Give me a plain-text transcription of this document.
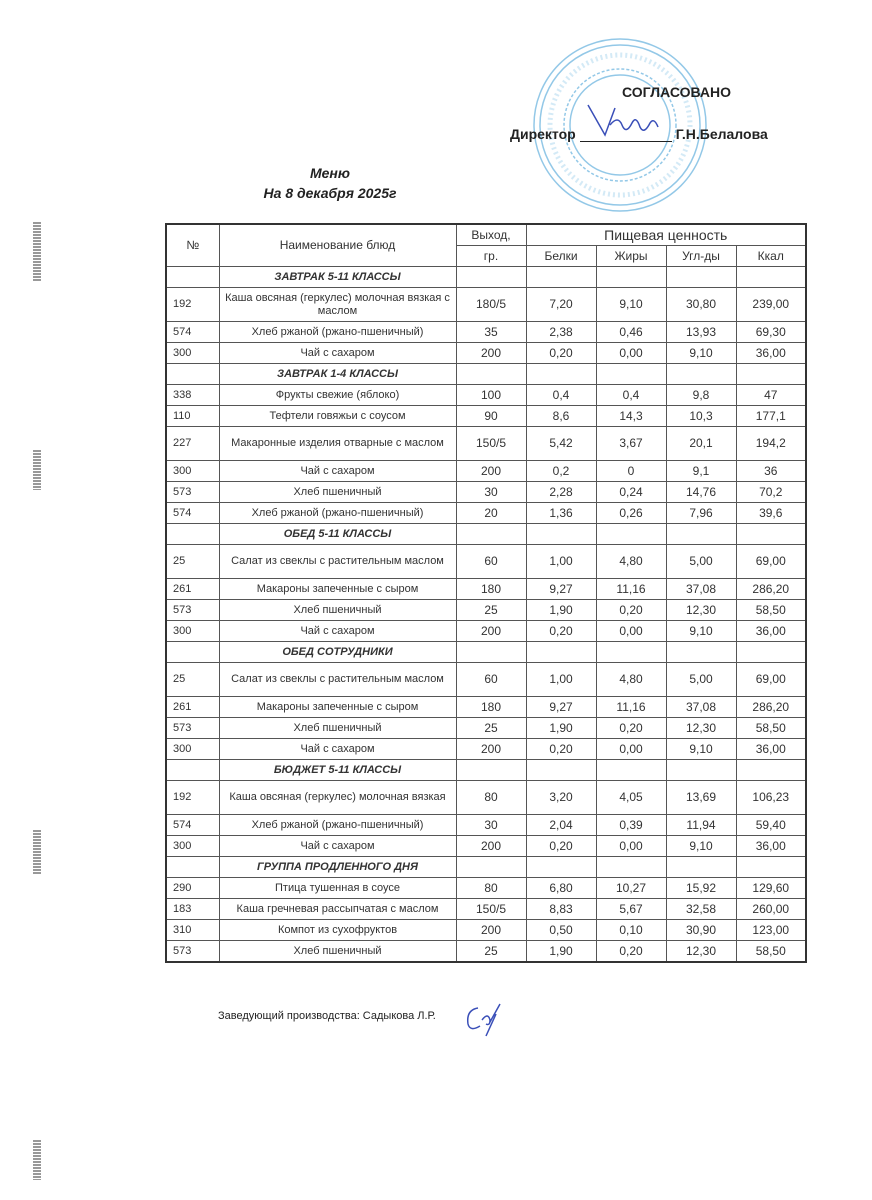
СОГЛАСОВАНО
Директор	Г.Н.Белалова
Меню
На 8 декабря 2025г
№	Наименование блюд	Выход,	Пищевая ценность			
		гр.	Белки	Жиры	Угл-ды	Ккал
	ЗАВТРАК 5-11 КЛАССЫ					
192	Каша овсяная (геркулес) молочная вязкая с маслом	180/5	7,20	9,10	30,80	239,00
574	Хлеб ржаной (ржано-пшеничный)	35	2,38	0,46	13,93	69,30
300	Чай с сахаром	200	0,20	0,00	9,10	36,00
	ЗАВТРАК 1-4 КЛАССЫ					
338	Фрукты свежие (яблоко)	100	0,4	0,4	9,8	47
110	Тефтели говяжьи с соусом	90	8,6	14,3	10,3	177,1
227	Макаронные изделия отварные с маслом	150/5	5,42	3,67	20,1	194,2
300	Чай с сахаром	200	0,2	0	9,1	36
573	Хлеб пшеничный	30	2,28	0,24	14,76	70,2
574	Хлеб ржаной (ржано-пшеничный)	20	1,36	0,26	7,96	39,6
	ОБЕД 5-11 КЛАССЫ					
25	Салат из свеклы с растительным маслом	60	1,00	4,80	5,00	69,00
261	Макароны запеченные с сыром	180	9,27	11,16	37,08	286,20
573	Хлеб пшеничный	25	1,90	0,20	12,30	58,50
300	Чай с сахаром	200	0,20	0,00	9,10	36,00
	ОБЕД СОТРУДНИКИ					
25	Салат из свеклы с растительным маслом	60	1,00	4,80	5,00	69,00
261	Макароны запеченные с сыром	180	9,27	11,16	37,08	286,20
573	Хлеб пшеничный	25	1,90	0,20	12,30	58,50
300	Чай с сахаром	200	0,20	0,00	9,10	36,00
	БЮДЖЕТ 5-11 КЛАССЫ					
192	Каша овсяная (геркулес) молочная вязкая	80	3,20	4,05	13,69	106,23
574	Хлеб ржаной (ржано-пшеничный)	30	2,04	0,39	11,94	59,40
300	Чай с сахаром	200	0,20	0,00	9,10	36,00
	ГРУППА ПРОДЛЕННОГО ДНЯ					
290	Птица тушенная в соусе	80	6,80	10,27	15,92	129,60
183	Каша гречневая рассыпчатая с маслом	150/5	8,83	5,67	32,58	260,00
310	Компот из сухофруктов	200	0,50	0,10	30,90	123,00
573	Хлеб пшеничный	25	1,90	0,20	12,30	58,50
Заведующий производства: Садыкова Л.Р.
